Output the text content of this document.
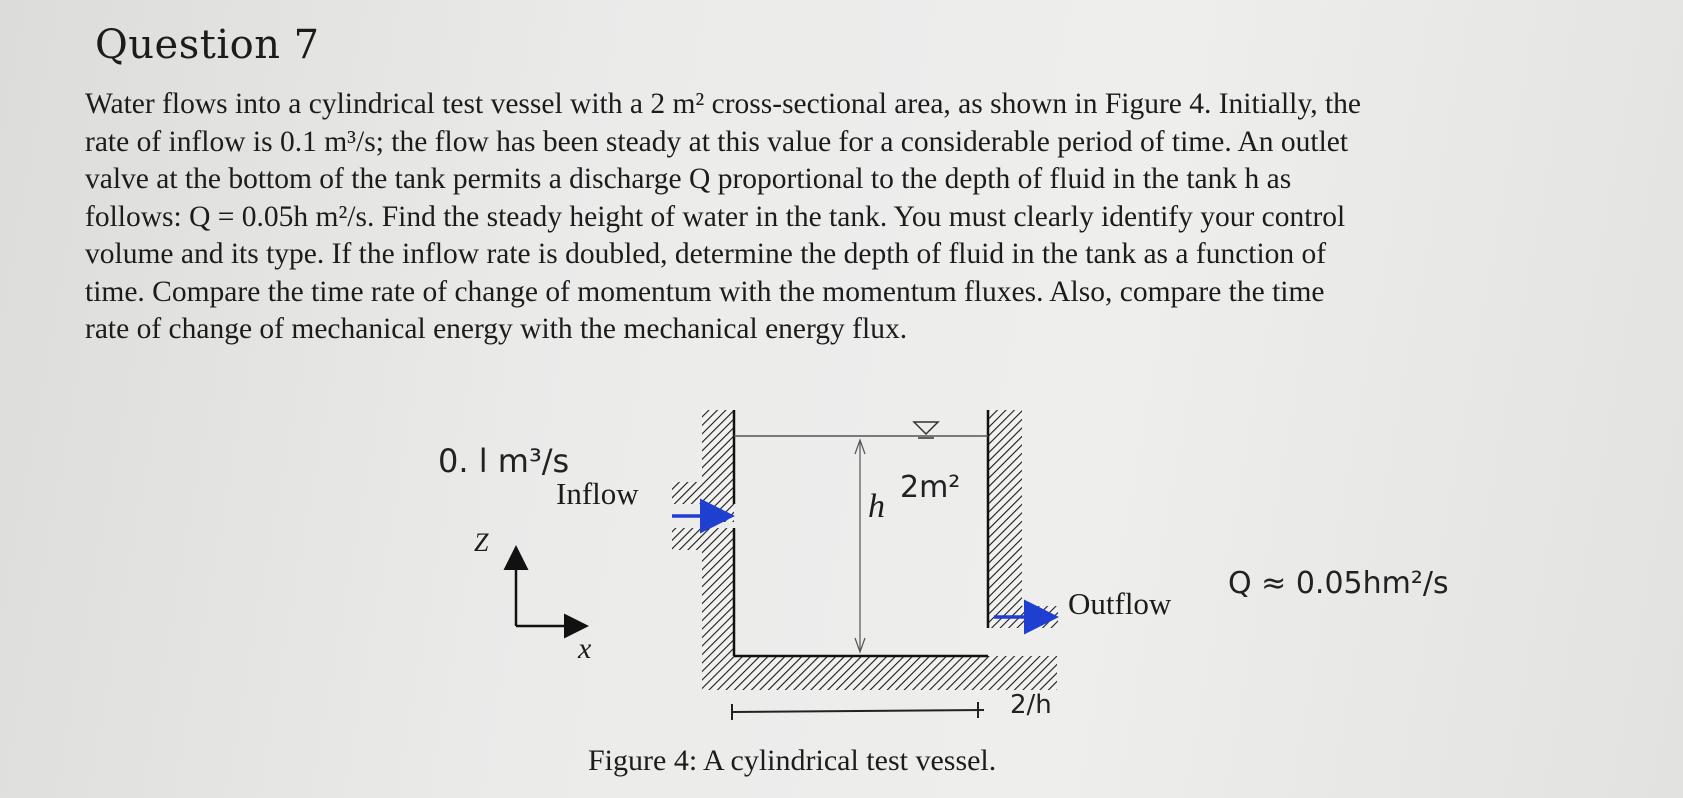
Question 7
Water flows into a cylindrical test vessel with a 2 m² cross-sectional area, as shown in Figure 4. Initially, the
rate of inflow is 0.1 m³/s; the flow has been steady at this value for a considerable period of time. An outlet
valve at the bottom of the tank permits a discharge Q proportional to the depth of fluid in the tank h as
follows: Q = 0.05h m²/s. Find the steady height of water in the tank. You must clearly identify your control
volume and its type. If the inflow rate is doubled, determine the depth of fluid in the tank as a function of
time. Compare the time rate of change of momentum with the momentum fluxes. Also, compare the time
rate of change of mechanical energy with the mechanical energy flux.
0. l m³/s
Inflow	2m²
h
Z
x
Outflow
Q ≈ 0.05hm²/s
2/h
Figure 4: A cylindrical test vessel.
